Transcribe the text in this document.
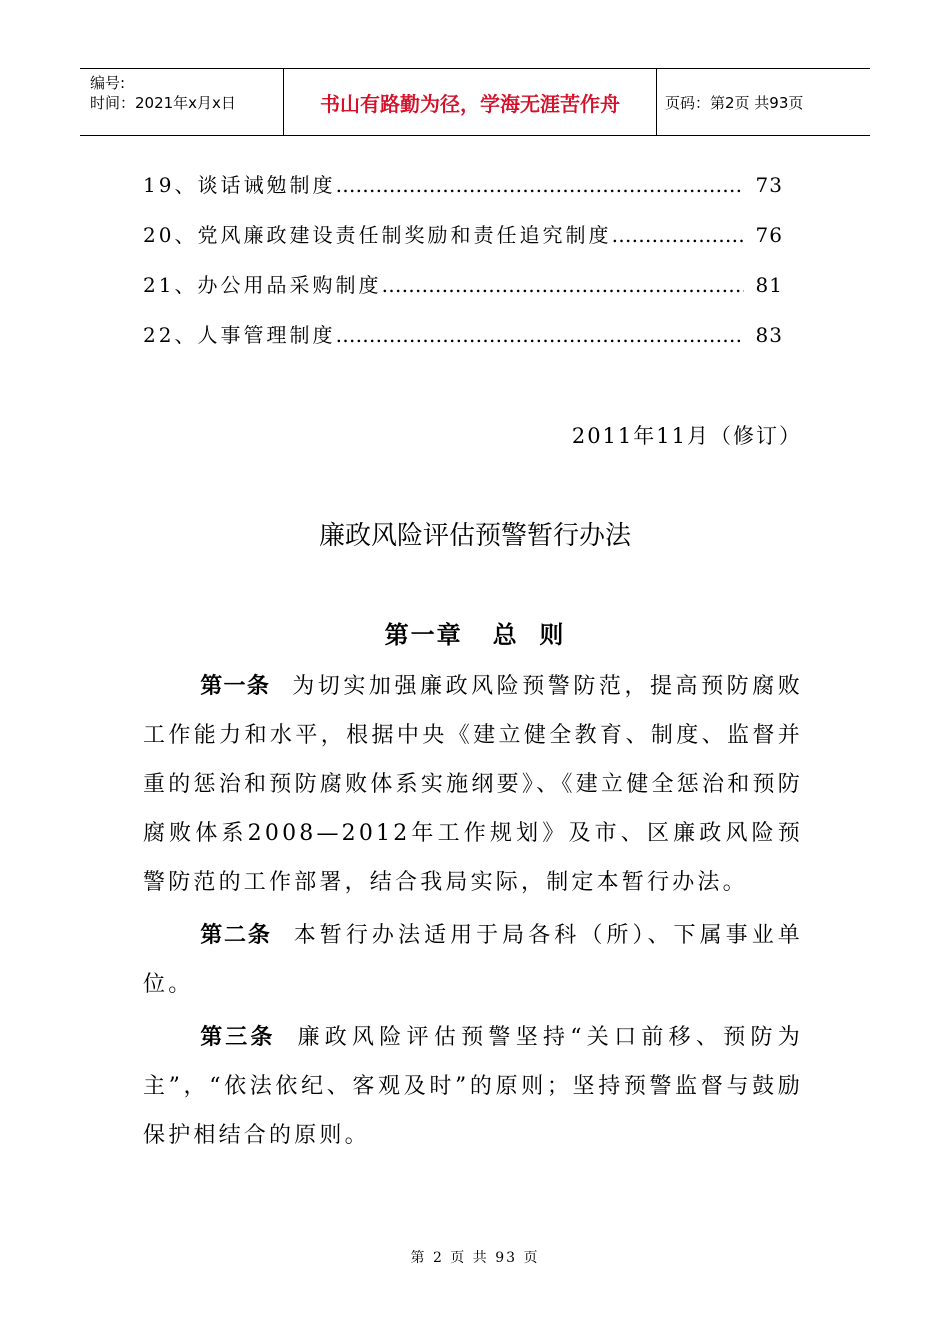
编号:
时间：2021年x月x日	书山有路勤为径，学海无涯苦作舟	页码：第2页 共93页
19、谈话诫勉制度 …………………………………………………………………………………………	73
20、党风廉政建设责任制奖励和责任追究制度 …………………………………………………………………………………………	76
21、办公用品采购制度 …………………………………………………………………………………………	81
22、人事管理制度 …………………………………………………………………………………………	83
2011年11月（修订）
廉政风险评估预警暂行办法
第一章 总  则

第一条 为切实加强廉政风险预警防范，提高预防腐败工作能力和水平，根据中央《建立健全教育、制度、监督并重的惩治和预防腐败体系实施纲要》、《建立健全惩治和预防腐败体系2008—2012年工作规划》及市、区廉政风险预警防范的工作部署，结合我局实际，制定本暂行办法。

第二条 本暂行办法适用于局各科（所）、下属事业单位。

第三条 廉政风险评估预警坚持“关口前移、预防为主”，“依法依纪、客观及时”的原则；坚持预警监督与鼓励保护相结合的原则。

第 2 页 共 93 页
